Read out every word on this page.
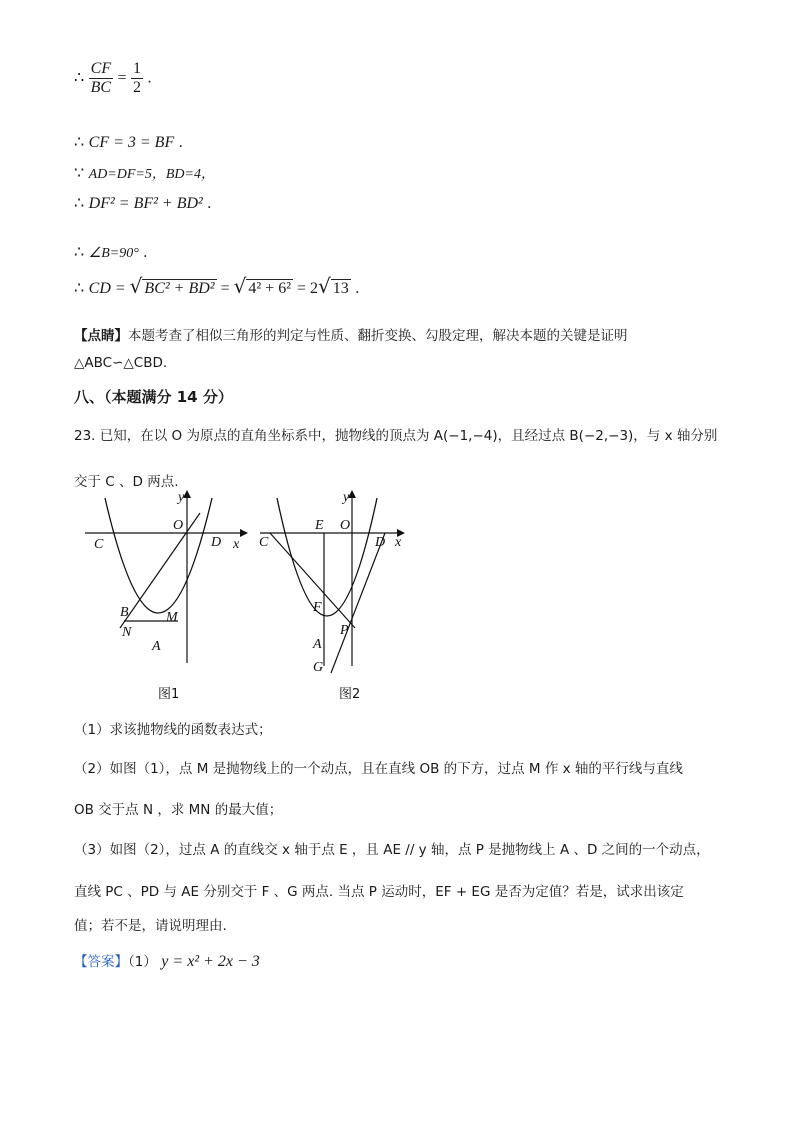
∴ $\frac{CF}{BC} = \frac{1}{2}$ .
∴ CF = 3 = BF .
∵ AD=DF=5，BD=4，
∴ DF² = BF² + BD² .
∴ ∠B=90° .
∴ CD = √ BC² + BD² = √ 4² + 6² = 2√ 13 .
【点睛】本题考查了相似三角形的判定与性质、翻折变换、勾股定理，解决本题的关键是证明
△ABC∽△CBD.
八、（本题满分 14 分）
23. 已知，在以 O 为原点的直角坐标系中，抛物线的顶点为 A(−1,−4)，且经过点 B(−2,−3)，与 x 轴分别
交于 C 、D 两点.
O
y
x
C	D
B
N
M
A
图1
E O
y
x
C	D
F
P
A
G
图2
（1）求该抛物线的函数表达式；
（2）如图（1），点 M 是抛物线上的一个动点，且在直线 OB 的下方，过点 M 作 x 轴的平行线与直线
OB 交于点 N ，求 MN 的最大值；
（3）如图（2），过点 A 的直线交 x 轴于点 E ，且 AE // y 轴，点 P 是抛物线上 A 、D 之间的一个动点，
直线 PC 、PD 与 AE 分别交于 F 、G 两点. 当点 P 运动时，EF + EG 是否为定值？若是，试求出该定
值；若不是，请说明理由.
【答案】（1） y = x² + 2x − 3
